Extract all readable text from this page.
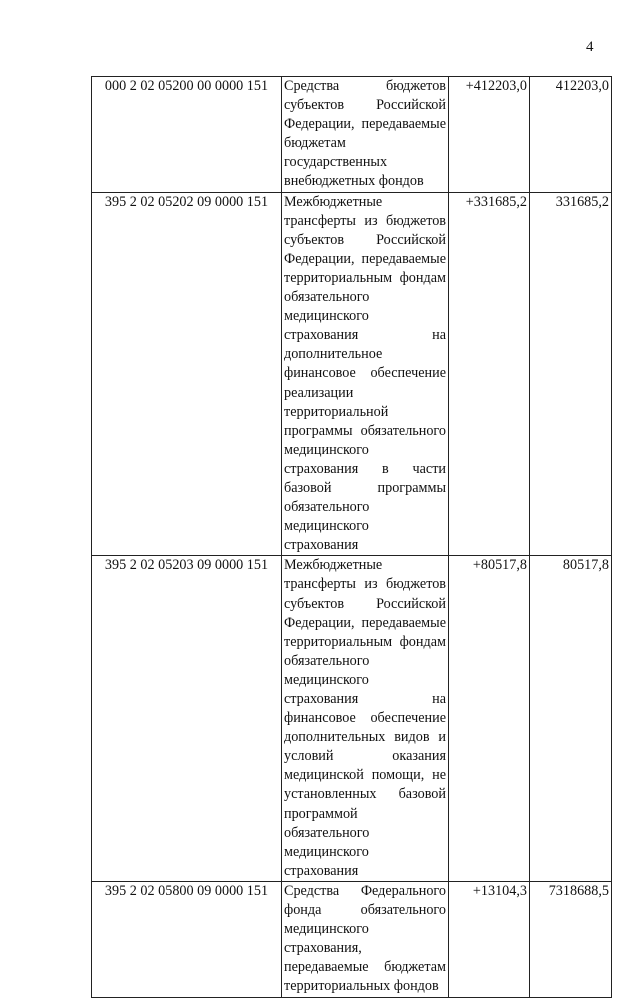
4
000 2 02 05200 00 0000 151	Средства бюджетов субъектов Российской Федерации, передаваемые бюджетам государственных внебюджетных фондов	+412203,0	412203,0
395 2 02 05202 09 0000 151	Межбюджетные трансферты из бюджетов субъектов Российской Федерации, передаваемые территориальным фондам обязательного медицинского страхования на дополнительное финансовое обеспечение реализации территориальной программы обязательного медицинского страхования в части базовой программы обязательного медицинского страхования	+331685,2	331685,2
395 2 02 05203 09 0000 151	Межбюджетные трансферты из бюджетов субъектов Российской Федерации, передаваемые территориальным фондам обязательного медицинского страхования на финансовое обеспечение дополнительных видов и условий оказания медицинской помощи, не установленных базовой программой обязательного медицинского страхования	+80517,8	80517,8
395 2 02 05800 09 0000 151	Средства Федерального фонда обязательного медицинского страхования, передаваемые бюджетам территориальных фондов	+13104,3	7318688,5
